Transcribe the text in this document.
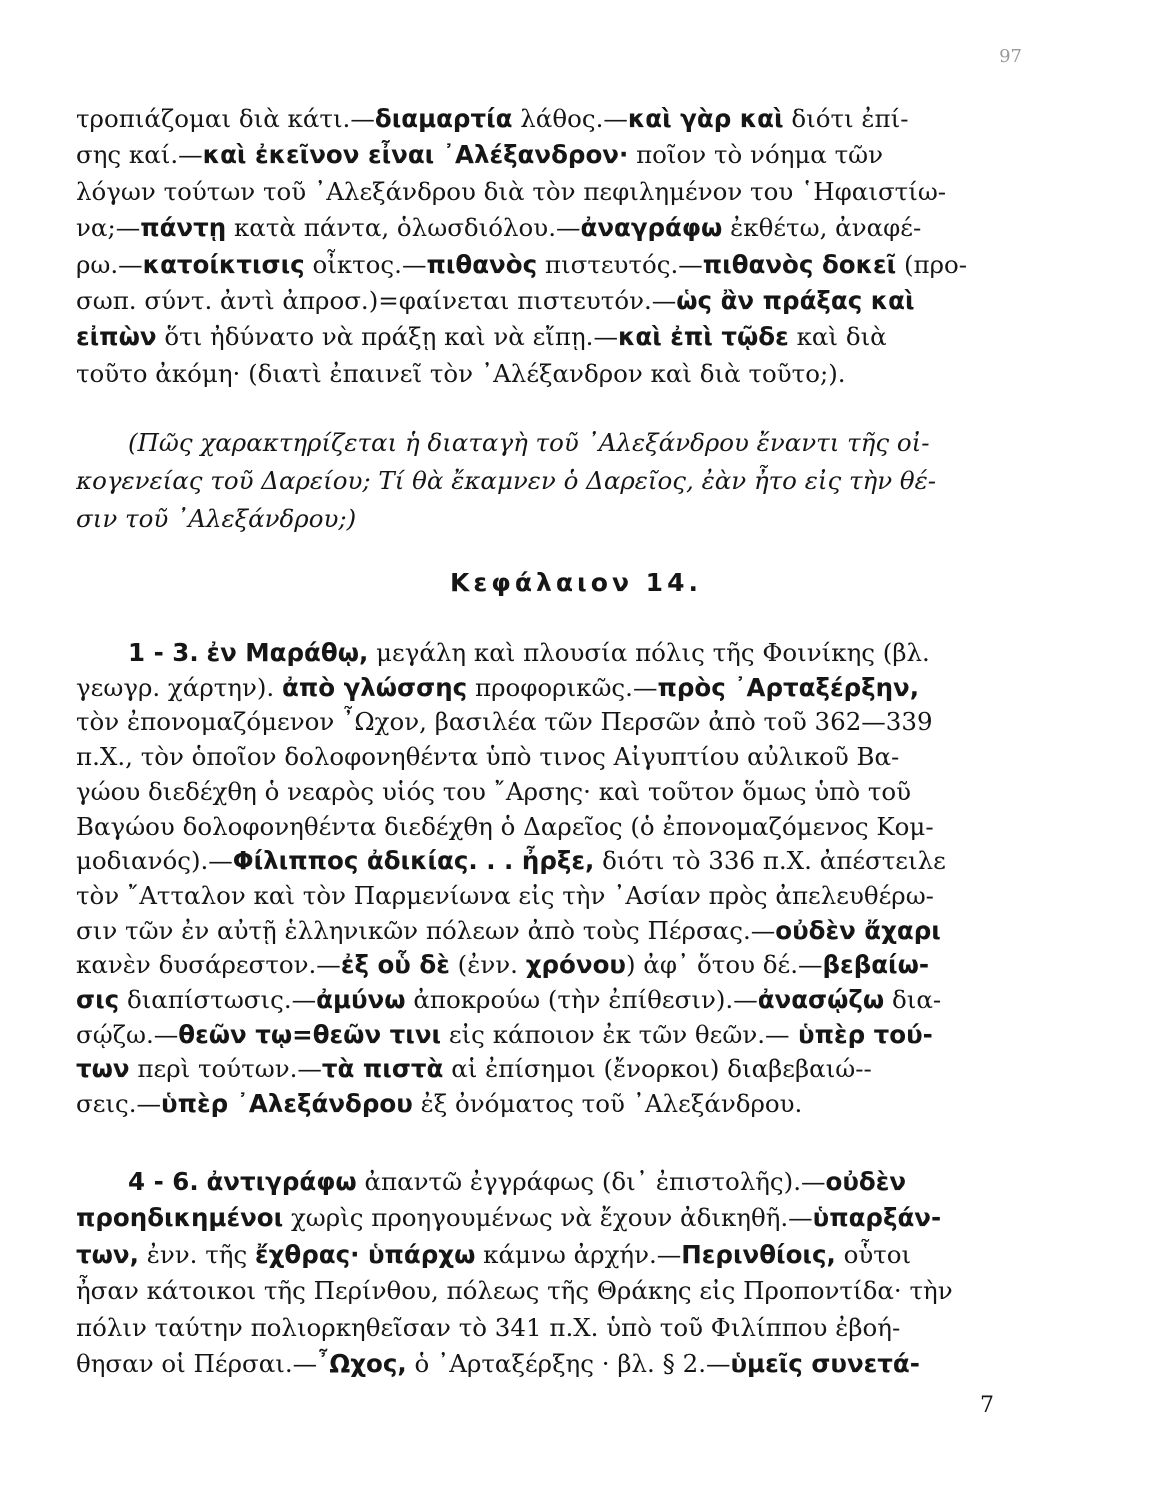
97
τροπιάζομαι διὰ κάτι.—διαμαρτία λάθος.—καὶ γὰρ καὶ διότι ἐπί-
σης καί.—καὶ ἐκεῖνον εἶναι ᾿Αλέξανδρον· ποῖον τὸ νόημα τῶν
λόγων τούτων τοῦ ᾿Αλεξάνδρου διὰ τὸν πεφιλημένον του ῾Ηφαιστίω-
να;—πάντῃ κατὰ πάντα, ὁλωσδιόλου.—ἀναγράφω ἐκθέτω, ἀναφέ-
ρω.—κατοίκτισις οἶκτος.—πιθανὸς πιστευτός.—πιθανὸς δοκεῖ (προ-
σωπ. σύντ. ἀντὶ ἀπροσ.)=φαίνεται πιστευτόν.—ὡς ἂν πράξας καὶ
εἰπὼν ὅτι ἠδύνατο νὰ πράξῃ καὶ νὰ εἴπῃ.—καὶ ἐπὶ τῷδε καὶ διὰ
τοῦτο ἀκόμη· (διατὶ ἐπαινεῖ τὸν ᾿Αλέξανδρον καὶ διὰ τοῦτο;).
(Πῶς χαρακτηρίζεται ἡ διαταγὴ τοῦ ᾿Αλεξάνδρου ἔναντι τῆς οἰ-
κογενείας τοῦ Δαρείου; Τί θὰ ἔκαμνεν ὁ Δαρεῖος, ἐὰν ἦτο εἰς τὴν θέ-
σιν τοῦ ᾿Αλεξάνδρου;)
Κεφάλαιον 14.
1 - 3. ἐν Μαράθῳ, μεγάλη καὶ πλουσία πόλις τῆς Φοινίκης (βλ.
γεωγρ. χάρτην). ἀπὸ γλώσσης προφορικῶς.—πρὸς ᾿Αρταξέρξην,
τὸν ἐπονομαζόμενον ῏Ωχον, βασιλέα τῶν Περσῶν ἀπὸ τοῦ 362—339
π.Χ., τὸν ὁποῖον δολοφονηθέντα ὑπὸ τινος Αἰγυπτίου αὐλικοῦ Βα-
γώου διεδέχθη ὁ νεαρὸς υἱός του ῎Αρσης· καὶ τοῦτον ὅμως ὑπὸ τοῦ
Βαγώου δολοφονηθέντα διεδέχθη ὁ Δαρεῖος (ὁ ἐπονομαζόμενος Κομ-
μοδιανός).—Φίλιππος ἀδικίας. . . ἦρξε, διότι τὸ 336 π.Χ. ἀπέστειλε
τὸν ῎Ατταλον καὶ τὸν Παρμενίωνα εἰς τὴν ᾿Ασίαν πρὸς ἀπελευθέρω-
σιν τῶν ἐν αὐτῇ ἑλληνικῶν πόλεων ἀπὸ τοὺς Πέρσας.—οὐδὲν ἄχαρι
κανὲν δυσάρεστον.—ἐξ οὗ δὲ (ἐνν. χρόνου) ἀφ᾿ ὅτου δέ.—βεβαίω-
σις διαπίστωσις.—ἀμύνω ἀποκρούω (τὴν ἐπίθεσιν).—ἀνασῴζω δια-
σῴζω.—θεῶν τῳ=θεῶν τινι εἰς κάποιον ἐκ τῶν θεῶν.— ὑπὲρ τού-
των περὶ τούτων.—τὰ πιστὰ αἱ ἐπίσημοι (ἔνορκοι) διαβεβαιώ--
σεις.—ὑπὲρ ᾿Αλεξάνδρου ἐξ ὀνόματος τοῦ ᾿Αλεξάνδρου.
4 - 6. ἀντιγράφω ἀπαντῶ ἐγγράφως (δι᾿ ἐπιστολῆς).—οὐδὲν
προηδικημένοι χωρὶς προηγουμένως νὰ ἔχουν ἀδικηθῆ.—ὑπαρξάν-
των, ἐνν. τῆς ἔχθρας· ὑπάρχω κάμνω ἀρχήν.—Περινθίοις, οὗτοι
ἦσαν κάτοικοι τῆς Περίνθου, πόλεως τῆς Θράκης εἰς Προποντίδα· τὴν
πόλιν ταύτην πολιορκηθεῖσαν τὸ 341 π.Χ. ὑπὸ τοῦ Φιλίππου ἐβοή-
θησαν οἱ Πέρσαι.—῏Ωχος, ὁ ᾿Αρταξέρξης · βλ. § 2.—ὑμεῖς συνετά-
7
